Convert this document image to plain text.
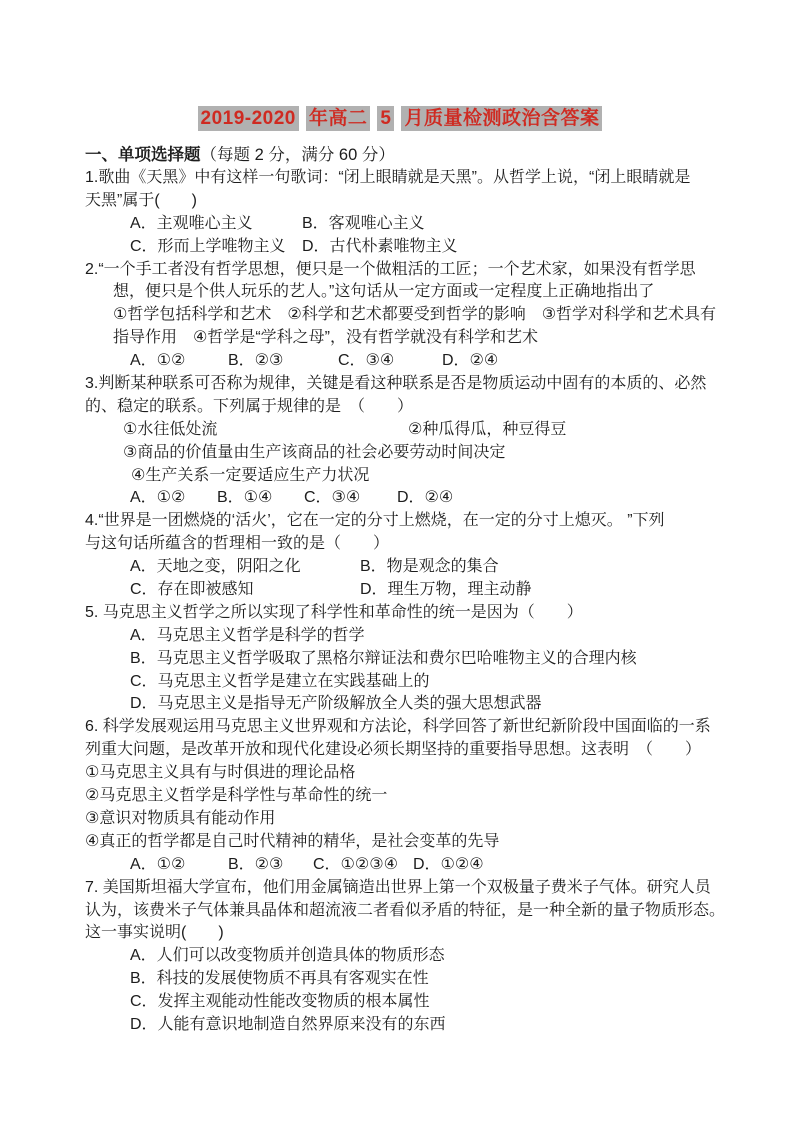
2019-2020 年高二 5 月质量检测政治含答案
一、单项选择题（每题 2 分，满分 60 分）
1.歌曲《天黑》中有这样一句歌词：“闭上眼睛就是天黑”。从哲学上说，“闭上眼睛就是
天黑”属于(　　)
A．主观唯心主义	B．客观唯心主义
C．形而上学唯物主义 D．古代朴素唯物主义
2.“一个手工者没有哲学思想，便只是一个做粗活的工匠；一个艺术家，如果没有哲学思
想，便只是个供人玩乐的艺人。”这句话从一定方面或一定程度上正确地指出了
①哲学包括科学和艺术　②科学和艺术都要受到哲学的影响　③哲学对科学和艺术具有
指导作用　④哲学是“学科之母”，没有哲学就没有科学和艺术
A．①②	B．②③	C．③④	D．②④
3.判断某种联系可否称为规律，关键是看这种联系是否是物质运动中固有的本质的、必然
的、稳定的联系。下列属于规律的是　（　　）
①水往低处流	②种瓜得瓜，种豆得豆
③商品的价值量由生产该商品的社会必要劳动时间决定
④生产关系一定要适应生产力状况
A．①② B．①④ C．③④ D．②④
4.“世界是一团燃烧的‘活火’，它在一定的分寸上燃烧，在一定的分寸上熄灭。 ”下列
与这句话所蕴含的哲理相一致的是（　　）
A．天地之变，阴阳之化	B．物是观念的集合
C．存在即被感知	D．理生万物，理主动静
5. 马克思主义哲学之所以实现了科学性和革命性的统一是因为（　　）
A．马克思主义哲学是科学的哲学
B．马克思主义哲学吸取了黑格尔辩证法和费尔巴哈唯物主义的合理内核
C．马克思主义哲学是建立在实践基础上的
D．马克思主义是指导无产阶级解放全人类的强大思想武器
6. 科学发展观运用马克思主义世界观和方法论，科学回答了新世纪新阶段中国面临的一系
列重大问题，是改革开放和现代化建设必须长期坚持的重要指导思想。这表明　（　　）
①马克思主义具有与时俱进的理论品格
②马克思主义哲学是科学性与革命性的统一
③意识对物质具有能动作用
④真正的哲学都是自己时代精神的精华，是社会变革的先导
A．①②	B．②③ C．①②③④ D．①②④
7. 美国斯坦福大学宣布，他们用金属镝造出世界上第一个双极量子费米子气体。研究人员
认为，该费米子气体兼具晶体和超流液二者看似矛盾的特征，是一种全新的量子物质形态。
这一事实说明(　　)
A．人们可以改变物质并创造具体的物质形态
B．科技的发展使物质不再具有客观实在性
C．发挥主观能动性能改变物质的根本属性
D．人能有意识地制造自然界原来没有的东西
